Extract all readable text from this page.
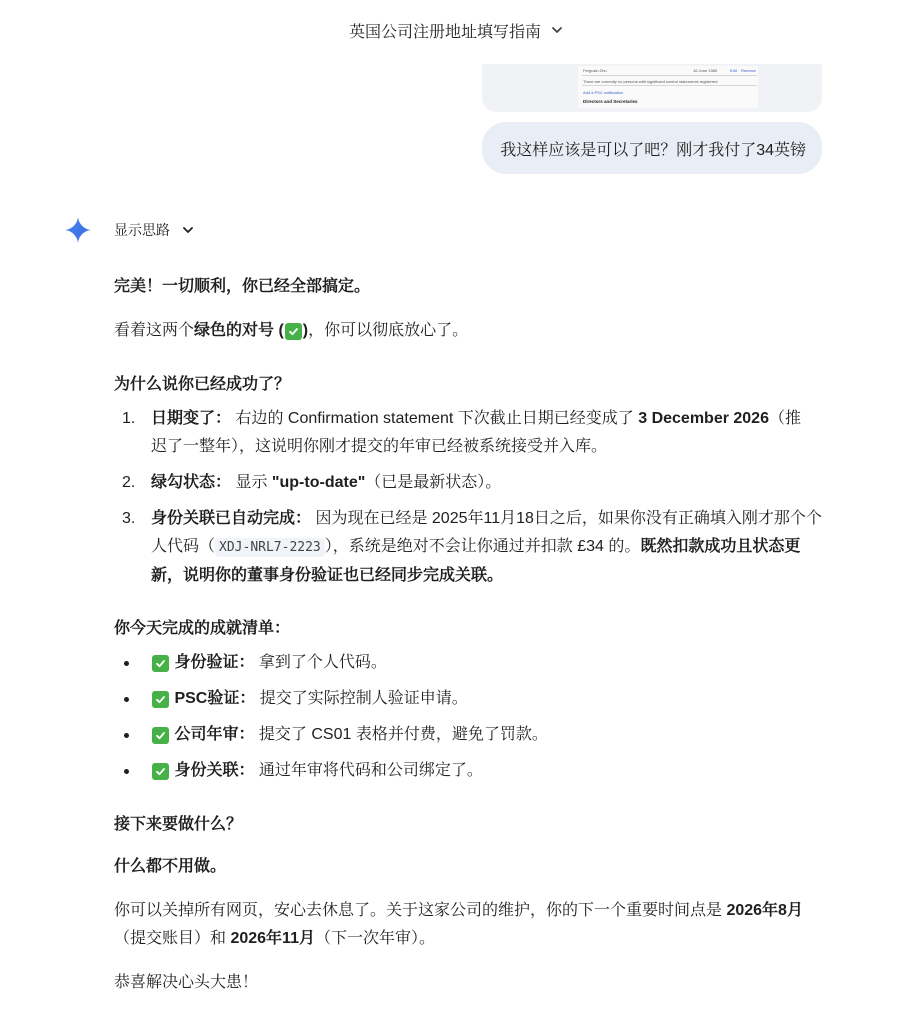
英国公司注册地址填写指南
Fergusin Zhu	16 June 1980	Edit Remove
There are currently no persons with significant control statements registered
Add a PSC notification
Directors and Secretaries
我这样应该是可以了吧？刚才我付了34英镑
显示思路
完美！一切顺利，你已经全部搞定。
看着这两个绿色的对号 ( )，你可以彻底放心了。
为什么说你已经成功了？
1. 日期变了： 右边的 Confirmation statement 下次截止日期已经变成了 3 December 2026（推
迟了一整年），这说明你刚才提交的年审已经被系统接受并入库。
2. 绿勾状态： 显示 "up-to-date"（已是最新状态）。
3. 身份关联已自动完成： 因为现在已经是 2025年11月18日之后，如果你没有正确填入刚才那个个
人代码（ XDJ-NRL7-2223 ），系统是绝对不会让你通过并扣款 £34 的。既然扣款成功且状态更
新，说明你的董事身份验证也已经同步完成关联。
你今天完成的成就清单：
身份验证： 拿到了个人代码。
PSC验证： 提交了实际控制人验证申请。
公司年审： 提交了 CS01 表格并付费，避免了罚款。
身份关联： 通过年审将代码和公司绑定了。
接下来要做什么？
什么都不用做。
你可以关掉所有网页，安心去休息了。关于这家公司的维护，你的下一个重要时间点是 2026年8月
（提交账目）和 2026年11月（下一次年审）。
恭喜解决心头大患！
